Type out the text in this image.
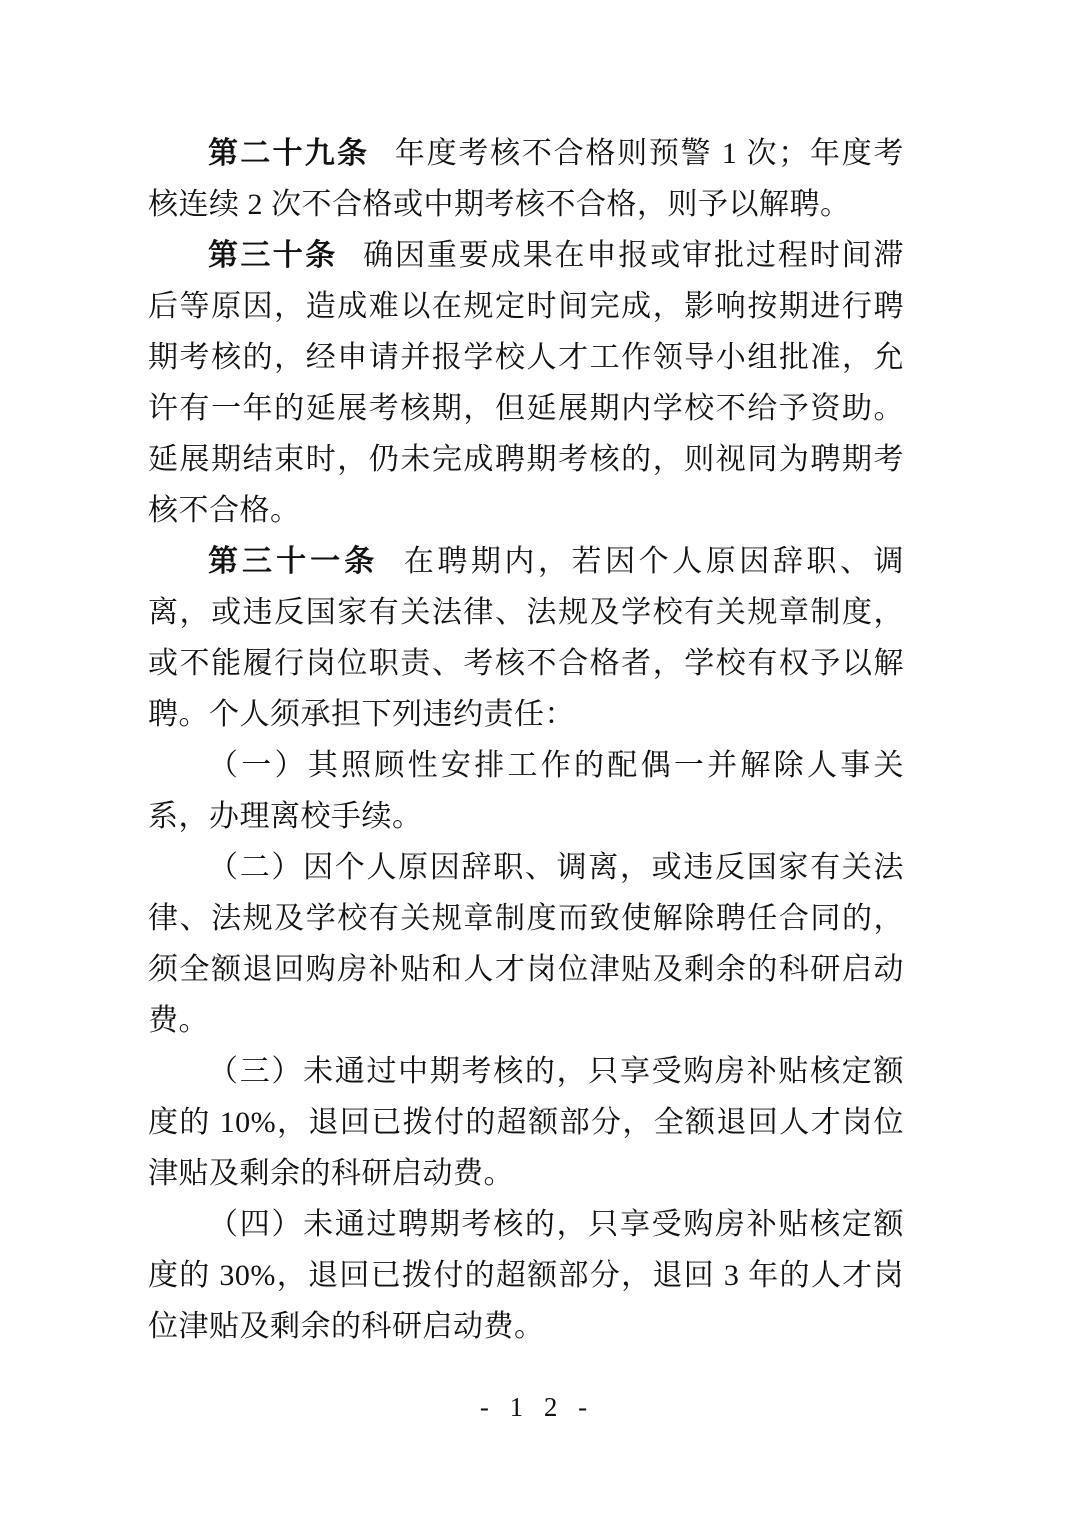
第二十九条 年度考核不合格则预警 1 次；年度考核连续 2 次不合格或中期考核不合格，则予以解聘。

第三十条 确因重要成果在申报或审批过程时间滞后等原因，造成难以在规定时间完成，影响按期进行聘期考核的，经申请并报学校人才工作领导小组批准，允许有一年的延展考核期，但延展期内学校不给予资助。延展期结束时，仍未完成聘期考核的，则视同为聘期考核不合格。

第三十一条 在聘期内，若因个人原因辞职、调离，或违反国家有关法律、法规及学校有关规章制度，或不能履行岗位职责、考核不合格者，学校有权予以解聘。个人须承担下列违约责任：

（一）其照顾性安排工作的配偶一并解除人事关系，办理离校手续。

（二）因个人原因辞职、调离，或违反国家有关法律、法规及学校有关规章制度而致使解除聘任合同的，须全额退回购房补贴和人才岗位津贴及剩余的科研启动费。

（三）未通过中期考核的，只享受购房补贴核定额度的 10%，退回已拨付的超额部分，全额退回人才岗位津贴及剩余的科研启动费。

（四）未通过聘期考核的，只享受购房补贴核定额度的 30%，退回已拨付的超额部分，退回 3 年的人才岗位津贴及剩余的科研启动费。

- 1 2 -
